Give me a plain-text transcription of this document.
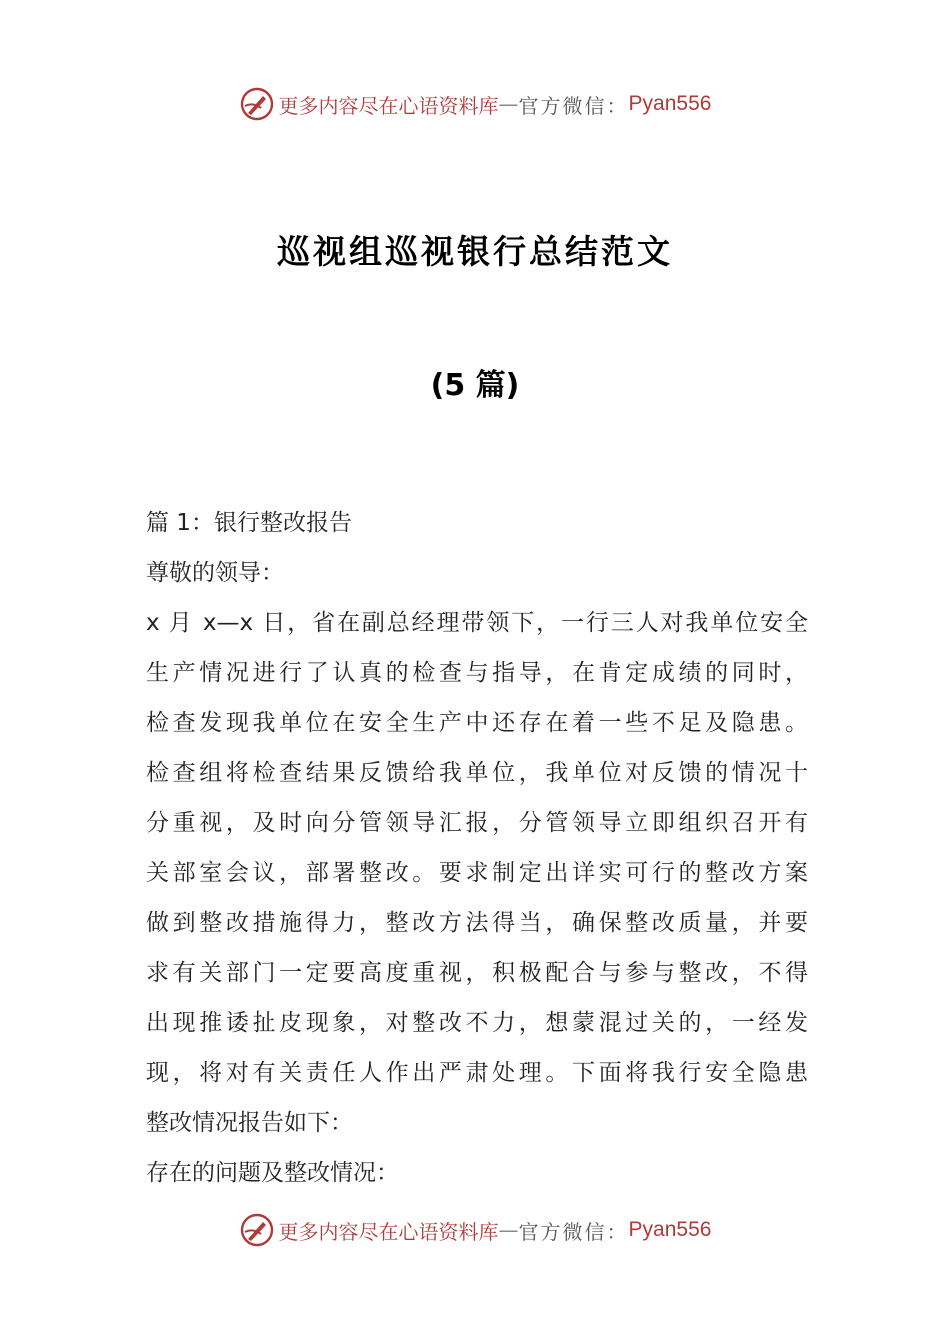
更多内容尽在心语资料库 — 官方微信： Pyan556
巡视组巡视银行总结范文
(5 篇)
篇 1：银行整改报告
尊敬的领导：
x 月 x—x 日，省在副总经理带领下，一行三人对我单位安全
生产情况进行了认真的检查与指导，在肯定成绩的同时，
检查发现我单位在安全生产中还存在着一些不足及隐患。
检查组将检查结果反馈给我单位，我单位对反馈的情况十
分重视，及时向分管领导汇报，分管领导立即组织召开有
关部室会议，部署整改。要求制定出详实可行的整改方案
做到整改措施得力，整改方法得当，确保整改质量，并要
求有关部门一定要高度重视，积极配合与参与整改，不得
出现推诿扯皮现象，对整改不力，想蒙混过关的，一经发
现，将对有关责任人作出严肃处理。下面将我行安全隐患
整改情况报告如下：
存在的问题及整改情况：
更多内容尽在心语资料库 — 官方微信： Pyan556
